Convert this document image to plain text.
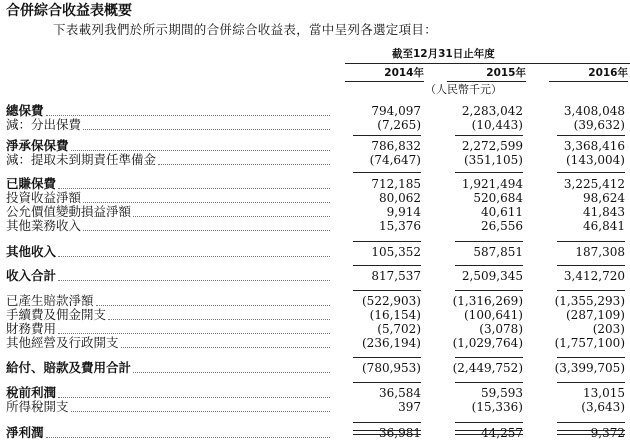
合併綜合收益表概要
下表載列我們於所示期間的合併綜合收益表，當中呈列各選定項目：
截至12月31日止年度
2014年	2015年	2016年
（人民幣千元）
總保費	794,097	2,283,042	3,408,048
減：分出保費	(7,265)	(10,443)	(39,632)
淨承保保費	786,832	2,272,599	3,368,416
減：提取未到期責任準備金	(74,647)	(351,105)	(143,004)
已賺保費	712,185	1,921,494	3,225,412
投資收益淨額	80,062	520,684	98,624
公允價值變動損益淨額	9,914	40,611	41,843
其他業務收入	15,376	26,556	46,841
其他收入	105,352	587,851	187,308
收入合計	817,537	2,509,345	3,412,720
已產生賠款淨額	(522,903)	(1,316,269)	(1,355,293)
手續費及佣金開支	(16,154)	(100,641)	(287,109)
財務費用	(5,702)	(3,078)	(203)
其他經營及行政開支	(236,194)	(1,029,764)	(1,757,100)
給付、賠款及費用合計	(780,953)	(2,449,752)	(3,399,705)
稅前利潤	36,584	59,593	13,015
所得稅開支	397	(15,336)	(3,643)
淨利潤	36,981	44,257	9,372
